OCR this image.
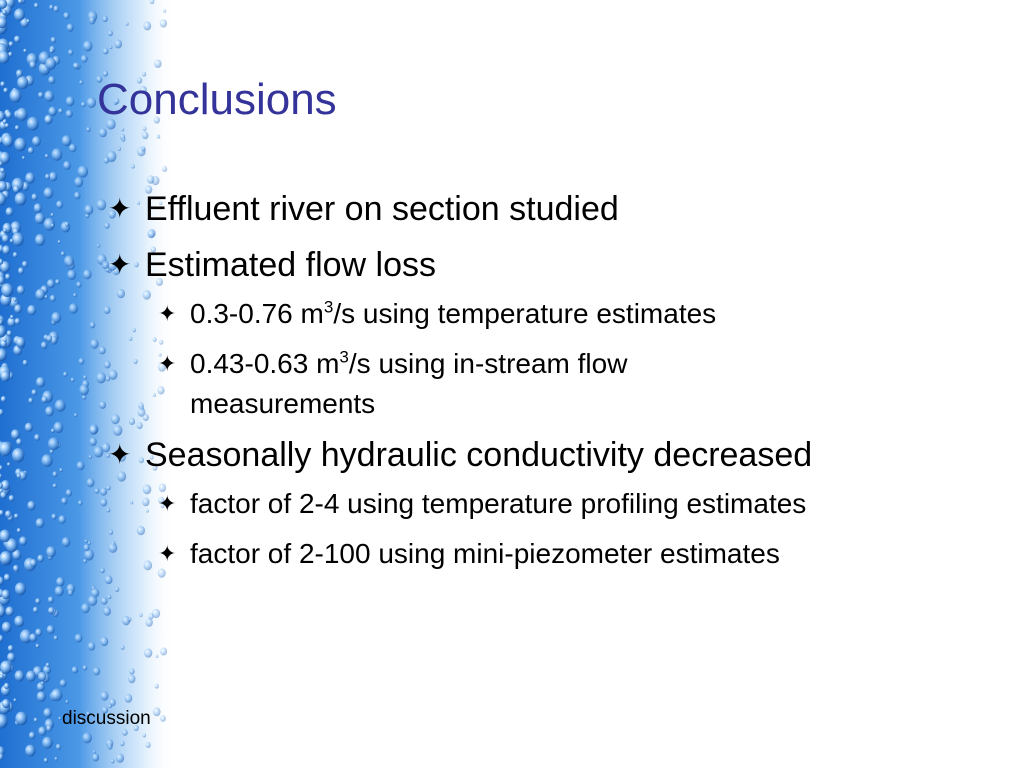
Conclusions
✦ Effluent river on section studied
✦ Estimated flow loss
✦ 0.3-0.76 $m^3/s$ using temperature estimates
✦ 0.43-0.63 $m^3/s$ using in-stream flow measurements
✦ Seasonally hydraulic conductivity decreased
✦ factor of 2-4 using temperature profiling estimates
✦ factor of 2-100 using mini-piezometer estimates
discussion
